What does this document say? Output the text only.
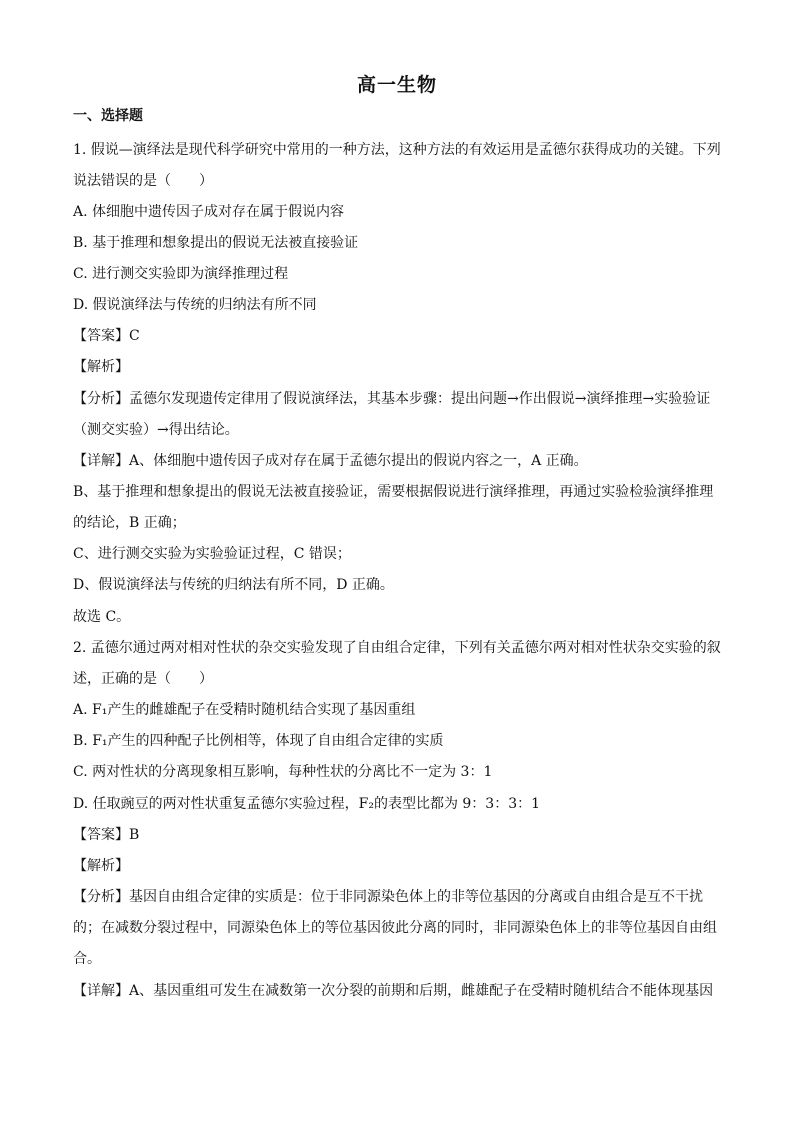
高一生物
一、选择题
1. 假说—演绎法是现代科学研究中常用的一种方法，这种方法的有效运用是孟德尔获得成功的关键。下列
说法错误的是（　　）
A. 体细胞中遗传因子成对存在属于假说内容
B. 基于推理和想象提出的假说无法被直接验证
C. 进行测交实验即为演绎推理过程
D. 假说演绎法与传统的归纳法有所不同
【答案】C
【解析】
【分析】孟德尔发现遗传定律用了假说演绎法，其基本步骤：提出问题→作出假说→演绎推理→实验验证
（测交实验）→得出结论。
【详解】A、体细胞中遗传因子成对存在属于孟德尔提出的假说内容之一，A 正确。
B、基于推理和想象提出的假说无法被直接验证，需要根据假说进行演绎推理，再通过实验检验演绎推理
的结论，B 正确；
C、进行测交实验为实验验证过程，C 错误；
D、假说演绎法与传统的归纳法有所不同，D 正确。
故选 C。
2. 孟德尔通过两对相对性状的杂交实验发现了自由组合定律，下列有关孟德尔两对相对性状杂交实验的叙
述，正确的是（　　）
A. F₁产生的雌雄配子在受精时随机结合实现了基因重组
B. F₁产生的四种配子比例相等，体现了自由组合定律的实质
C. 两对性状的分离现象相互影响，每种性状的分离比不一定为 3：1
D. 任取豌豆的两对性状重复孟德尔实验过程，F₂的表型比都为 9：3：3：1
【答案】B
【解析】
【分析】基因自由组合定律的实质是：位于非同源染色体上的非等位基因的分离或自由组合是互不干扰
的；在减数分裂过程中，同源染色体上的等位基因彼此分离的同时，非同源染色体上的非等位基因自由组
合。
【详解】A、基因重组可发生在减数第一次分裂的前期和后期，雌雄配子在受精时随机结合不能体现基因
